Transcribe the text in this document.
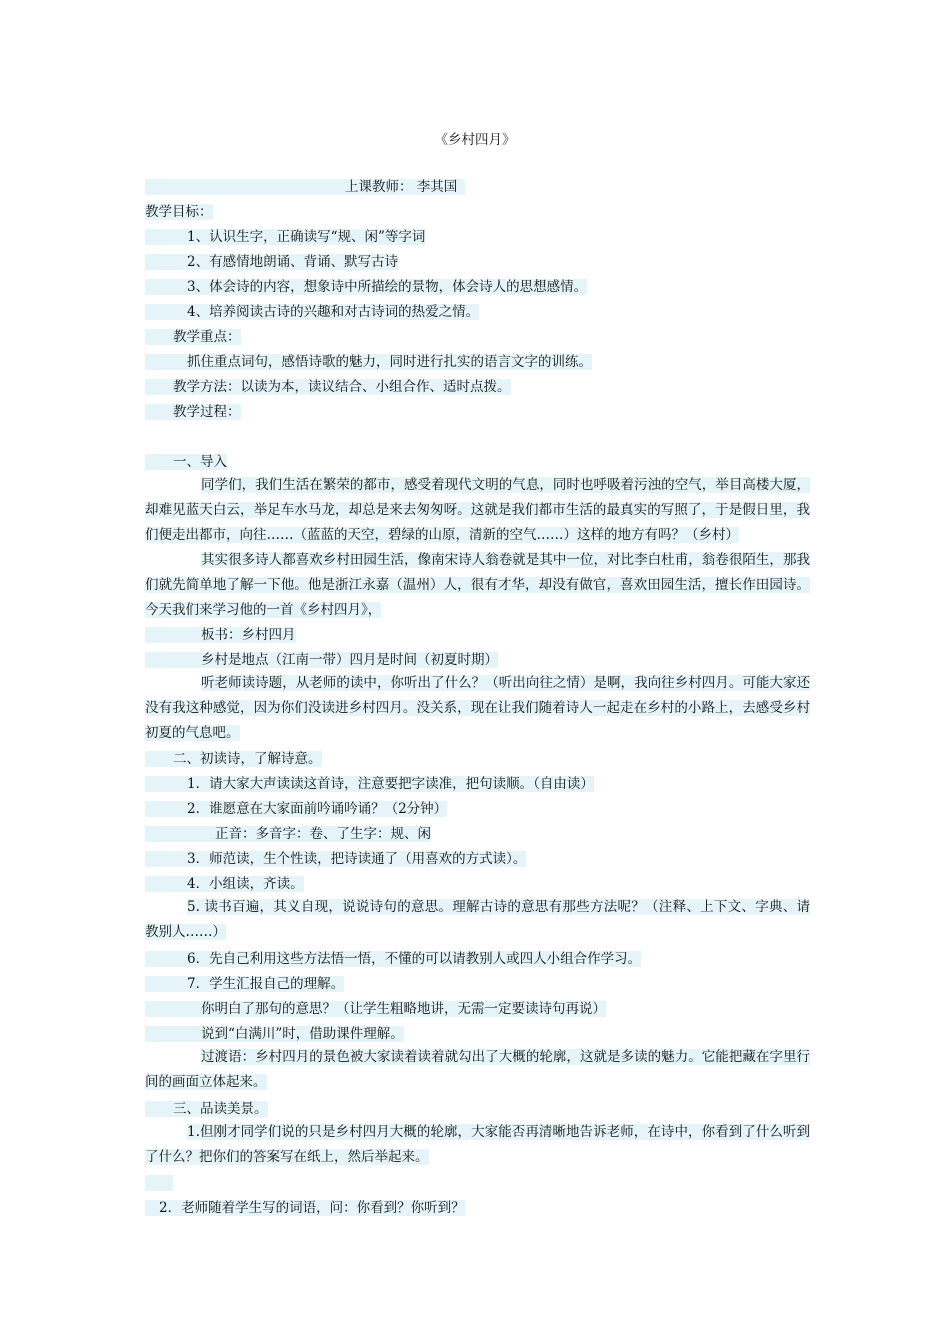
《乡村四月》
上课教师： 李其国
教学目标：
1、认识生字，正确读写“规、闲”等字词
2、有感情地朗诵、背诵、默写古诗
3、体会诗的内容，想象诗中所描绘的景物，体会诗人的思想感情。
4、培养阅读古诗的兴趣和对古诗词的热爱之情。
教学重点：
抓住重点词句，感悟诗歌的魅力，同时进行扎实的语言文字的训练。
教学方法：以读为本，读议结合、小组合作、适时点拨。
教学过程：
一、导入
同学们，我们生活在繁荣的都市，感受着现代文明的气息，同时也呼吸着污浊的空气，举目高楼大厦，却难见蓝天白云，举足车水马龙，却总是来去匆匆呀。这就是我们都市生活的最真实的写照了，于是假日里，我们便走出都市，向往……（蓝蓝的天空，碧绿的山原，清新的空气……）这样的地方有吗？（乡村）
其实很多诗人都喜欢乡村田园生活，像南宋诗人翁卷就是其中一位，对比李白杜甫，翁卷很陌生，那我们就先简单地了解一下他。他是浙江永嘉（温州）人，很有才华，却没有做官，喜欢田园生活，擅长作田园诗。今天我们来学习他的一首《乡村四月》，
板书：乡村四月
乡村是地点（江南一带）四月是时间（初夏时期）
听老师读诗题，从老师的读中，你听出了什么？（听出向往之情）是啊，我向往乡村四月。可能大家还没有我这种感觉，因为你们没读进乡村四月。没关系，现在让我们随着诗人一起走在乡村的小路上，去感受乡村初夏的气息吧。
二、初读诗，了解诗意。
1．请大家大声读读这首诗，注意要把字读准，把句读顺。（自由读）
2．谁愿意在大家面前吟诵吟诵？（2分钟）
正音：多音字：卷、了生字：规、闲
3．师范读，生个性读，把诗读通了（用喜欢的方式读）。
4．小组读，齐读。
5. 读书百遍，其义自现，说说诗句的意思。理解古诗的意思有那些方法呢？（注释、上下文、字典、请教别人……）
6．先自己利用这些方法悟一悟，不懂的可以请教别人或四人小组合作学习。
7．学生汇报自己的理解。
你明白了那句的意思？（让学生粗略地讲，无需一定要读诗句再说）
说到“白满川”时，借助课件理解。
过渡语：乡村四月的景色被大家读着读着就勾出了大概的轮廓，这就是多读的魅力。它能把藏在字里行间的画面立体起来。
三、品读美景。
1.但刚才同学们说的只是乡村四月大概的轮廓，大家能否再清晰地告诉老师，在诗中，你看到了什么听到了什么？把你们的答案写在纸上，然后举起来。
2．老师随着学生写的词语，问：你看到？你听到？
